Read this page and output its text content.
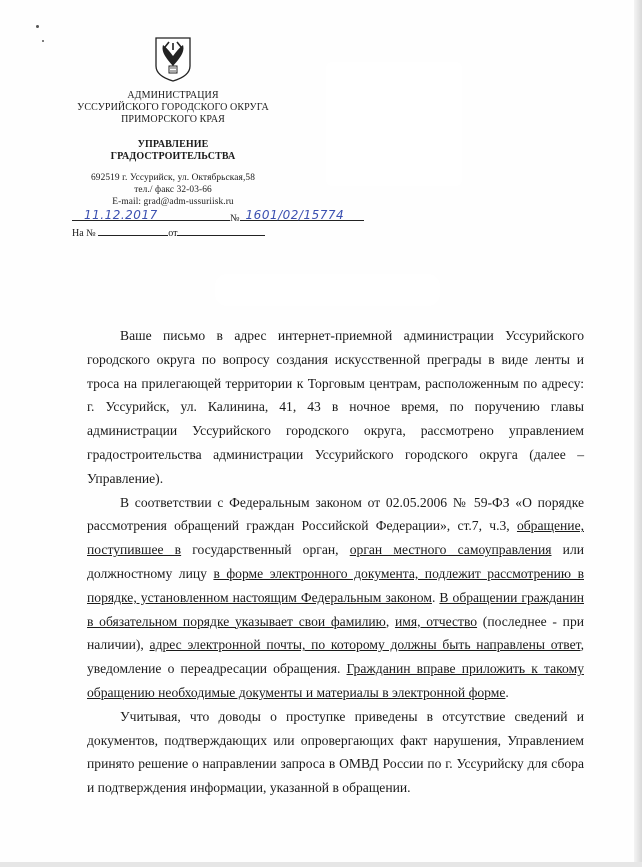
АДМИНИСТРАЦИЯ
УССУРИЙСКОГО ГОРОДСКОГО ОКРУГА
ПРИМОРСКОГО КРАЯ
УПРАВЛЕНИЕ
ГРАДОСТРОИТЕЛЬСТВА
692519 г. Уссурийск, ул. Октябрьская,58
тел./ факс 32-03-66
E-mail: grad@adm-ussuriisk.ru
11.12.2017	№ 1601/02/15774
На №	от

Ваше письмо в адрес интернет-приемной администрации Уссурийского городского округа по вопросу создания искусственной преграды в виде ленты и троса на прилегающей территории к Торговым центрам, расположенным по адресу: г. Уссурийск, ул. Калинина, 41, 43 в ночное время, по поручению главы администрации Уссурийского городского округа, рассмотрено управлением градостроительства администрации Уссурийского городского округа (далее – Управление).

В соответствии с Федеральным законом от 02.05.2006 № 59-ФЗ «О порядке рассмотрения обращений граждан Российской Федерации», ст.7, ч.3, обращение, поступившее в государственный орган, орган местного самоуправления или должностному лицу в форме электронного документа, подлежит рассмотрению в порядке, установленном настоящим Федеральным законом. В обращении гражданин в обязательном порядке указывает свои фамилию, имя, отчество (последнее - при наличии), адрес электронной почты, по которому должны быть направлены ответ, уведомление о переадресации обращения. Гражданин вправе приложить к такому обращению необходимые документы и материалы в электронной форме.

Учитывая, что доводы о проступке приведены в отсутствие сведений и документов, подтверждающих или опровергающих факт нарушения, Управлением принято решение о направлении запроса в ОМВД России по г. Уссурийску для сбора и подтверждения информации, указанной в обращении.
